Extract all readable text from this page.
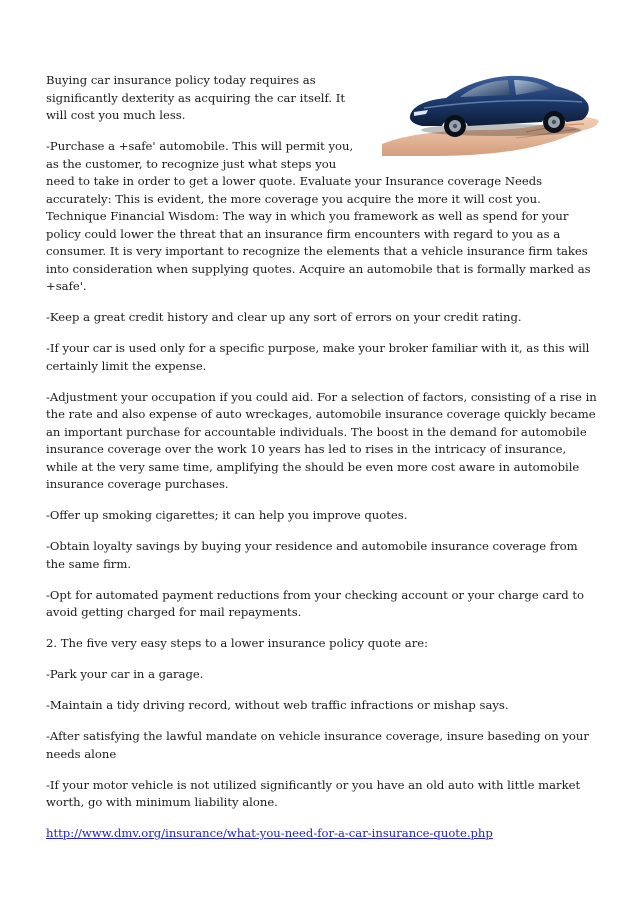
Buying car insurance policy today requires as significantly dexterity as acquiring the car itself. It will cost you much less.

-Purchase a +safe' automobile. This will permit you, as the customer, to recognize just what steps you need to take in order to get a lower quote. Evaluate your Insurance coverage Needs accurately: This is evident, the more coverage you acquire the more it will cost you. Technique Financial Wisdom: The way in which you framework as well as spend for your policy could lower the threat that an insurance firm encounters with regard to you as a consumer. It is very important to recognize the elements that a vehicle insurance firm takes into consideration when supplying quotes. Acquire an automobile that is formally marked as +safe'.

-Keep a great credit history and clear up any sort of errors on your credit rating.

-If your car is used only for a specific purpose, make your broker familiar with it, as this will certainly limit the expense.

-Adjustment your occupation if you could aid. For a selection of factors, consisting of a rise in the rate and also expense of auto wreckages, automobile insurance coverage quickly became an important purchase for accountable individuals. The boost in the demand for automobile insurance coverage over the work 10 years has led to rises in the intricacy of insurance, while at the very same time, amplifying the should be even more cost aware in automobile insurance coverage purchases.

-Offer up smoking cigarettes; it can help you improve quotes.

-Obtain loyalty savings by buying your residence and automobile insurance coverage from the same firm.

-Opt for automated payment reductions from your checking account or your charge card to avoid getting charged for mail repayments.

2. The five very easy steps to a lower insurance policy quote are:

-Park your car in a garage.

-Maintain a tidy driving record, without web traffic infractions or mishap says.

-After satisfying the lawful mandate on vehicle insurance coverage, insure baseding on your needs alone

-If your motor vehicle is not utilized significantly or you have an old auto with little market worth, go with minimum liability alone.

http://www.dmv.org/insurance/what-you-need-for-a-car-insurance-quote.php
